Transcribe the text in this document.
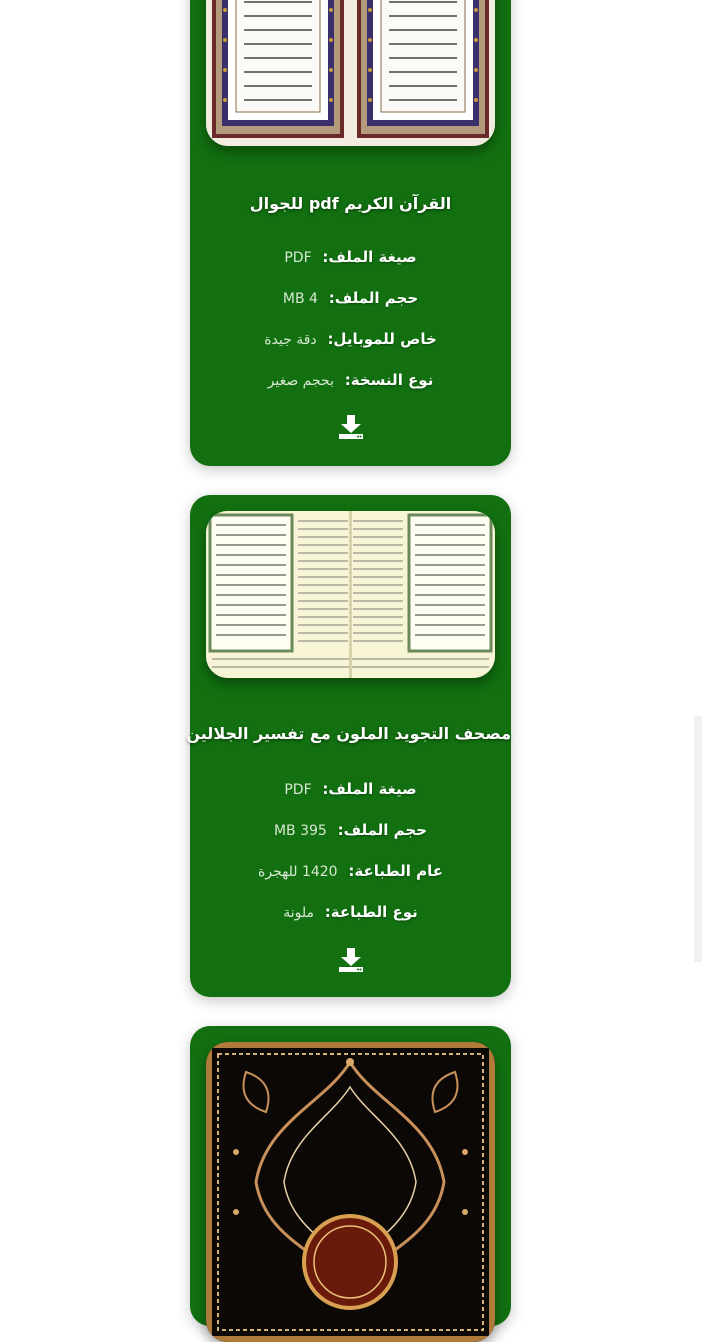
القرآن الكريم pdf للجوال
صيغة الملف: PDF
حجم الملف: 4 MB
خاص للموبايل: دقة جيدة
نوع النسخة: بحجم صغير
مصحف التجويد الملون مع تفسير الجلالين
صيغة الملف: PDF
حجم الملف: 395 MB
عام الطباعة: 1420 للهجرة
نوع الطباعة: ملونة
